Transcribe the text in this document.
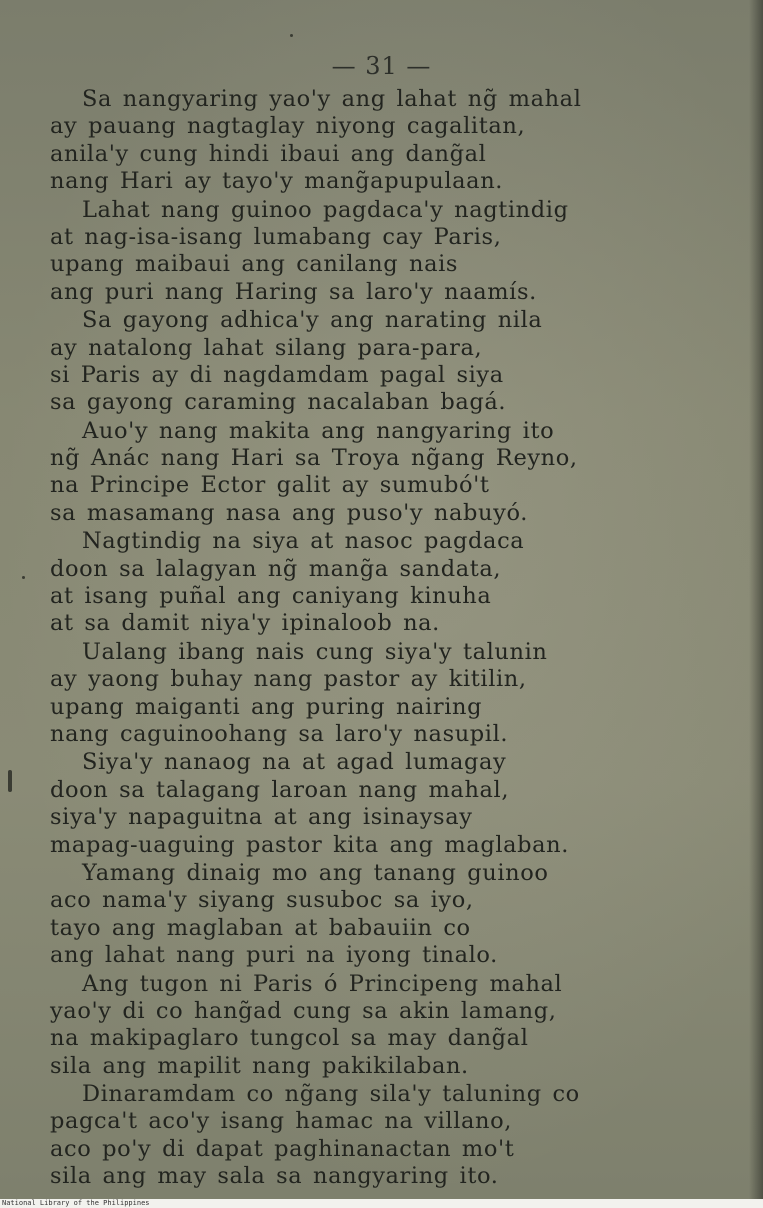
— 31 —
Sa nangyaring yao'y ang lahat ng̃ mahal
ay pauang nagtaglay niyong cagalitan,
anila'y cung hindi ibaui ang dang̃al
nang Hari ay tayo'y mang̃apupulaan.
Lahat nang guinoo pagdaca'y nagtindig
at nag-isa-isang lumabang cay Paris,
upang maibaui ang canilang nais
ang puri nang Haring sa laro'y naamís.
Sa gayong adhica'y ang narating nila
ay natalong lahat silang para-para,
si Paris ay di nagdamdam pagal siya
sa gayong caraming nacalaban bagá.
Auo'y nang makita ang nangyaring ito
ng̃ Anác nang Hari sa Troya ng̃ang Reyno,
na Principe Ector galit ay sumubó't
sa masamang nasa ang puso'y nabuyó.
Nagtindig na siya at nasoc pagdaca
doon sa lalagyan ng̃ mang̃a sandata,
at isang puñal ang caniyang kinuha
at sa damit niya'y ipinaloob na.
Ualang ibang nais cung siya'y talunin
ay yaong buhay nang pastor ay kitilin,
upang maiganti ang puring nairing
nang caguinoohang sa laro'y nasupil.
Siya'y nanaog na at agad lumagay
doon sa talagang laroan nang mahal,
siya'y napaguitna at ang isinaysay
mapag-uaguing pastor kita ang maglaban.
Yamang dinaig mo ang tanang guinoo
aco nama'y siyang susuboc sa iyo,
tayo ang maglaban at babauiin co
ang lahat nang puri na iyong tinalo.
Ang tugon ni Paris ó Principeng mahal
yao'y di co hang̃ad cung sa akin lamang,
na makipaglaro tungcol sa may dang̃al
sila ang mapilit nang pakikilaban.
Dinaramdam co ng̃ang sila'y taluning co
pagca't aco'y isang hamac na villano,
aco po'y di dapat paghinanactan mo't
sila ang may sala sa nangyaring ito.
National Library of the Philippines
